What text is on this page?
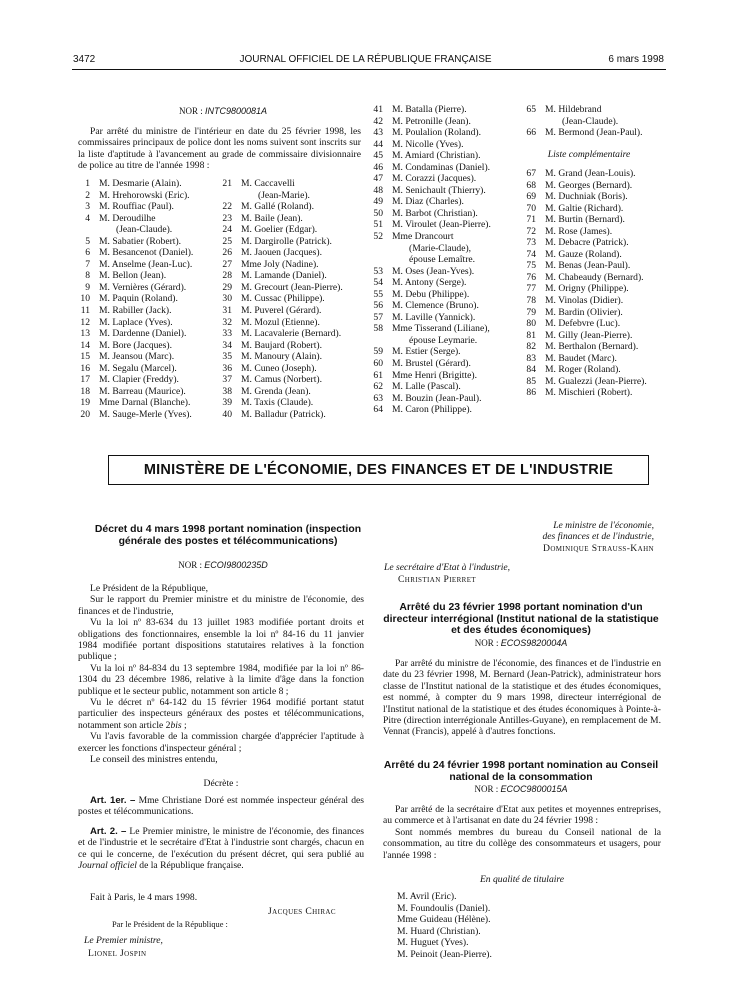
3472	JOURNAL OFFICIEL DE LA RÉPUBLIQUE FRANÇAISE	6 mars 1998
NOR : INTC9800081A

Par arrêté du ministre de l'intérieur en date du 25 février 1998, les commissaires principaux de police dont les noms suivent sont inscrits sur la liste d'aptitude à l'avancement au grade de commissaire divisionnaire de police au titre de l'année 1998 :

1 M. Desmarie (Alain).
2 M. Hrehorowski (Eric).
3 M. Rouffiac (Paul).
4 M. Deroudilhe
(Jean-Claude).
5 M. Sabatier (Robert).
6 M. Besancenot (Daniel).
7 M. Anselme (Jean-Luc).
8 M. Bellon (Jean).
9 M. Vernières (Gérard).
10 M. Paquin (Roland).
11 M. Rabiller (Jack).
12 M. Laplace (Yves).
13 M. Dardenne (Daniel).
14 M. Bore (Jacques).
15 M. Jeansou (Marc).
16 M. Segalu (Marcel).
17 M. Clapier (Freddy).
18 M. Barreau (Maurice).
19 Mme Darnal (Blanche).
20 M. Sauge-Merle (Yves).
21 M. Caccavelli
(Jean-Marie).
22 M. Gallé (Roland).
23 M. Baile (Jean).
24 M. Goelier (Edgar).
25 M. Dargirolle (Patrick).
26 M. Jaouen (Jacques).
27 Mme Joly (Nadine).
28 M. Lamande (Daniel).
29 M. Grecourt (Jean-Pierre).
30 M. Cussac (Philippe).
31 M. Puverel (Gérard).
32 M. Mozul (Etienne).
33 M. Lacavalerie (Bernard).
34 M. Baujard (Robert).
35 M. Manoury (Alain).
36 M. Cuneo (Joseph).
37 M. Camus (Norbert).
38 M. Grenda (Jean).
39 M. Taxis (Claude).
40 M. Balladur (Patrick).
41 M. Batalla (Pierre).
42 M. Petronille (Jean).
43 M. Poulalion (Roland).
44 M. Nicolle (Yves).
45 M. Amiard (Christian).
46 M. Condaminas (Daniel).
47 M. Corazzi (Jacques).
48 M. Senichault (Thierry).
49 M. Diaz (Charles).
50 M. Barbot (Christian).
51 M. Viroulet (Jean-Pierre).
52 Mme Drancourt
(Marie-Claude),
épouse Lemaître.
53 M. Oses (Jean-Yves).
54 M. Antony (Serge).
55 M. Debu (Philippe).
56 M. Clemence (Bruno).
57 M. Laville (Yannick).
58 Mme Tisserand (Liliane),
épouse Leymarie.
59 M. Estier (Serge).
60 M. Brustel (Gérard).
61 Mme Henri (Brigitte).
62 M. Lalle (Pascal).
63 M. Bouzin (Jean-Paul).
64 M. Caron (Philippe).
65 M. Hildebrand
(Jean-Claude).
66 M. Bermond (Jean-Paul).
Liste complémentaire
67 M. Grand (Jean-Louis).
68 M. Georges (Bernard).
69 M. Duchniak (Boris).
70 M. Galtie (Richard).
71 M. Burtin (Bernard).
72 M. Rose (James).
73 M. Debacre (Patrick).
74 M. Gauze (Roland).
75 M. Benas (Jean-Paul).
76 M. Chabeaudy (Bernard).
77 M. Origny (Philippe).
78 M. Vinolas (Didier).
79 M. Bardin (Olivier).
80 M. Defebvre (Luc).
81 M. Gilly (Jean-Pierre).
82 M. Berthalon (Bernard).
83 M. Baudet (Marc).
84 M. Roger (Roland).
85 M. Gualezzi (Jean-Pierre).
86 M. Mischieri (Robert).
MINISTÈRE DE L'ÉCONOMIE, DES FINANCES ET DE L'INDUSTRIE
Décret du 4 mars 1998 portant nomination (inspection générale des postes et télécommunications)
NOR : ECOI9800235D

Le Président de la République,

Sur le rapport du Premier ministre et du ministre de l'économie, des finances et de l'industrie,

Vu la loi nº 83-634 du 13 juillet 1983 modifiée portant droits et obligations des fonctionnaires, ensemble la loi nº 84-16 du 11 janvier 1984 modifiée portant dispositions statutaires relatives à la fonction publique ;

Vu la loi nº 84-834 du 13 septembre 1984, modifiée par la loi nº 86-1304 du 23 décembre 1986, relative à la limite d'âge dans la fonction publique et le secteur public, notamment son article 8 ;

Vu le décret nº 64-142 du 15 février 1964 modifié portant statut particulier des inspecteurs généraux des postes et télécommunications, notamment son article 2bis ;

Vu l'avis favorable de la commission chargée d'apprécier l'aptitude à exercer les fonctions d'inspecteur général ;

Le conseil des ministres entendu,

Décrète :

Art. 1er. – Mme Christiane Doré est nommée inspecteur général des postes et télécommunications.

Art. 2. – Le Premier ministre, le ministre de l'économie, des finances et de l'industrie et le secrétaire d'Etat à l'industrie sont chargés, chacun en ce qui le concerne, de l'exécution du présent décret, qui sera publié au Journal officiel de la République française.

Fait à Paris, le 4 mars 1998.

Jacques Chirac
Par le Président de la République :
Le Premier ministre,
Lionel Jospin
Le ministre de l'économie,
des finances et de l'industrie,
Dominique Strauss-Kahn
Le secrétaire d'Etat à l'industrie,
Christian Pierret
Arrêté du 23 février 1998 portant nomination d'un directeur interrégional (Institut national de la statistique et des études économiques)
NOR : ECOS9820004A

Par arrêté du ministre de l'économie, des finances et de l'industrie en date du 23 février 1998, M. Bernard (Jean-Patrick), administrateur hors classe de l'Institut national de la statistique et des études économiques, est nommé, à compter du 9 mars 1998, directeur interrégional de l'Institut national de la statistique et des études économiques à Pointe-à-Pitre (direction interrégionale Antilles-Guyane), en remplacement de M. Vennat (Francis), appelé à d'autres fonctions.

Arrêté du 24 février 1998 portant nomination au Conseil national de la consommation
NOR : ECOC9800015A

Par arrêté de la secrétaire d'Etat aux petites et moyennes entreprises, au commerce et à l'artisanat en date du 24 février 1998 :

Sont nommés membres du bureau du Conseil national de la consommation, au titre du collège des consommateurs et usagers, pour l'année 1998 :

En qualité de titulaire
M. Avril (Eric).
M. Foundoulis (Daniel).
Mme Guideau (Hélène).
M. Huard (Christian).
M. Huguet (Yves).
M. Peinoit (Jean-Pierre).
